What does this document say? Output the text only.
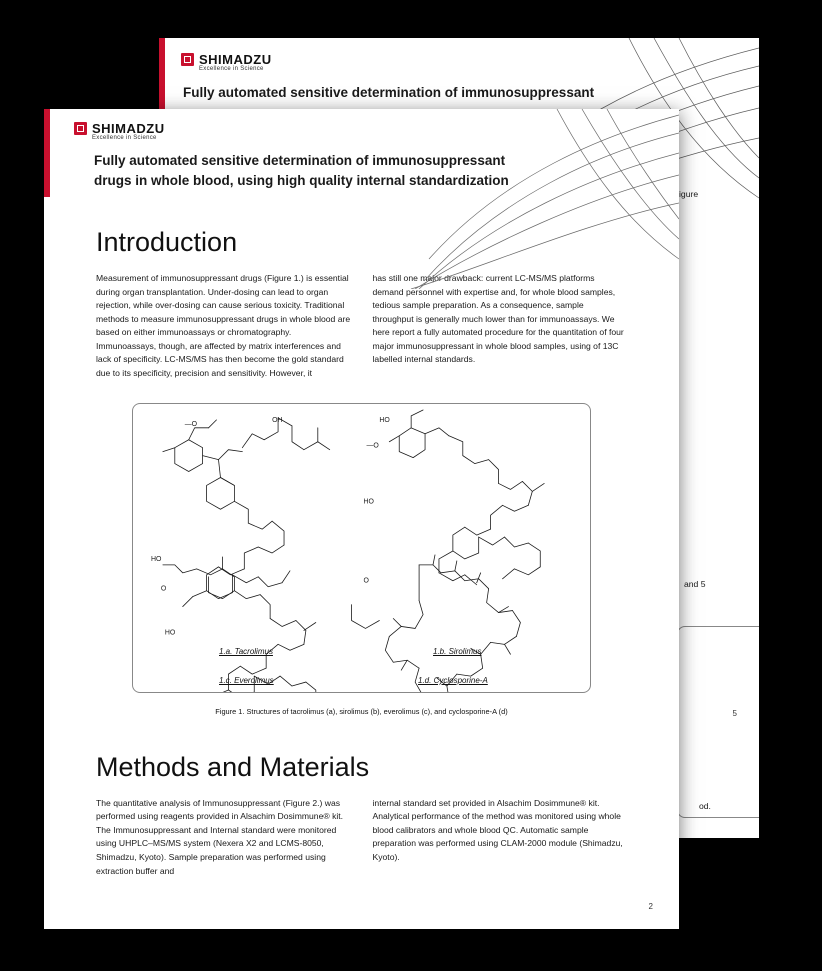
SHIMADZU
Excellence in Science
Fully automated sensitive determination of immunosuppressant
igure
and 5
od.
5
SHIMADZU
Excellence in Science
Fully automated sensitive determination of immunosuppressant
drugs in whole blood, using high quality internal standardization
Introduction

Measurement of immunosuppressant drugs (Figure 1.) is essential during organ transplantation. Under-dosing can lead to organ rejection, while over-dosing can cause serious toxicity. Traditional methods to measure immunosuppressant drugs in whole blood are based on either immunoassays or chromatography. Immunoassays, though, are affected by matrix interferences and lack of specificity. LC-MS/MS has then become the gold standard due to its specificity, precision and sensitivity. However, it

has still one major drawback: current LC-MS/MS platforms demand personnel with expertise and, for whole blood samples, tedious sample preparation. As a consequence, sample throughput is generally much lower than for immunoassays. We here report a fully automated procedure for the quantitation of four major immunosuppressant in whole blood samples, using of 13C labelled internal standards.

HO
—O
OH	HO
—O
HO
HO
O
O
1.a. Tacrolimus	1.b. Sirolimus
1.c. Everolimus	1.d. Cyclosporine-A
Figure 1. Structures of tacrolimus (a), sirolimus (b), everolimus (c), and cyclosporine-A (d)
Methods and Materials

The quantitative analysis of Immunosuppressant (Figure 2.) was performed using reagents provided in Alsachim Dosimmune® kit. The Immunosuppressant and Internal standard were monitored using UHPLC–MS/MS system (Nexera X2 and LCMS-8050, Shimadzu, Kyoto). Sample preparation was performed using extraction buffer and

internal standard set provided in Alsachim Dosimmune® kit. Analytical performance of the method was monitored using whole blood calibrators and whole blood QC. Automatic sample preparation was performed using CLAM-2000 module (Shimadzu, Kyoto).

2
